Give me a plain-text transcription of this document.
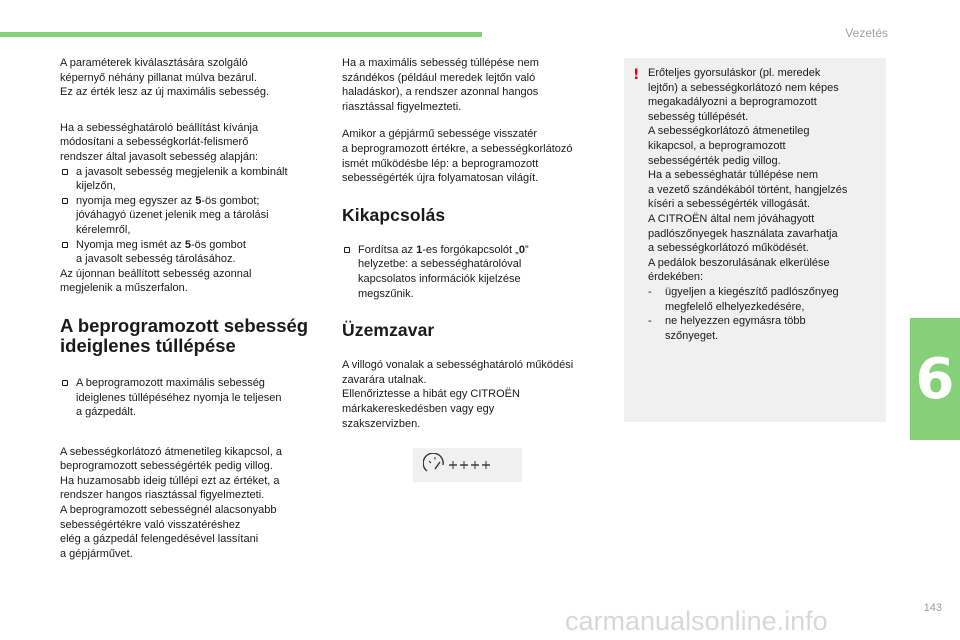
Vezetés
6
A paraméterek kiválasztására szolgáló
képernyő néhány pillanat múlva bezárul.
Ez az érték lesz az új maximális sebesség.
Ha a sebességhatároló beállítást kívánja
módosítani a sebességkorlát-felismerő
rendszer által javasolt sebesség alapján:
a javasolt sebesség megjelenik a kombinált
kijelzőn,
nyomja meg egyszer az 5-ös gombot;
jóváhagyó üzenet jelenik meg a tárolási
kérelemről,
Nyomja meg ismét az 5-ös gombot
a javasolt sebesség tárolásához.
Az újonnan beállított sebesség azonnal
megjelenik a műszerfalon.
A beprogramozott sebesség
ideiglenes túllépése
A beprogramozott maximális sebesség
ideiglenes túllépéséhez nyomja le teljesen
a gázpedált.
A sebességkorlátozó átmenetileg kikapcsol, a
beprogramozott sebességérték pedig villog.
Ha huzamosabb ideig túllépi ezt az értéket, a
rendszer hangos riasztással figyelmezteti.
A beprogramozott sebességnél alacsonyabb
sebességértékre való visszatéréshez
elég a gázpedál felengedésével lassítani
a gépjárművet.
Ha a maximális sebesség túllépése nem
szándékos (például meredek lejtőn való
haladáskor), a rendszer azonnal hangos
riasztással figyelmezteti.
Amikor a gépjármű sebessége visszatér
a beprogramozott értékre, a sebességkorlátozó
ismét működésbe lép: a beprogramozott
sebességérték újra folyamatosan világít.
Kikapcsolás
Fordítsa az 1-es forgókapcsolót „0”
helyzetbe: a sebességhatárolóval
kapcsolatos információk kijelzése
megszűnik.
Üzemzavar
A villogó vonalak a sebességhatároló működési
zavarára utalnak.
Ellenőriztesse a hibát egy CITROËN
márkakereskedésben vagy egy
szakszervizben.
! Erőteljes gyorsuláskor (pl. meredek
lejtőn) a sebességkorlátozó nem képes
megakadályozni a beprogramozott
sebesség túllépését.
A sebességkorlátozó átmenetileg
kikapcsol, a beprogramozott
sebességérték pedig villog.
Ha a sebességhatár túllépése nem
a vezető szándékából történt, hangjelzés
kíséri a sebességérték villogását.
A CITROËN által nem jóváhagyott
padlószőnyegek használata zavarhatja
a sebességkorlátozó működését.
A pedálok beszorulásának elkerülése
érdekében:
- ügyeljen a kiegészítő padlószőnyeg
megfelelő elhelyezkedésére,
- ne helyezzen egymásra több
szőnyeget.
carmanualsonline.info	143
